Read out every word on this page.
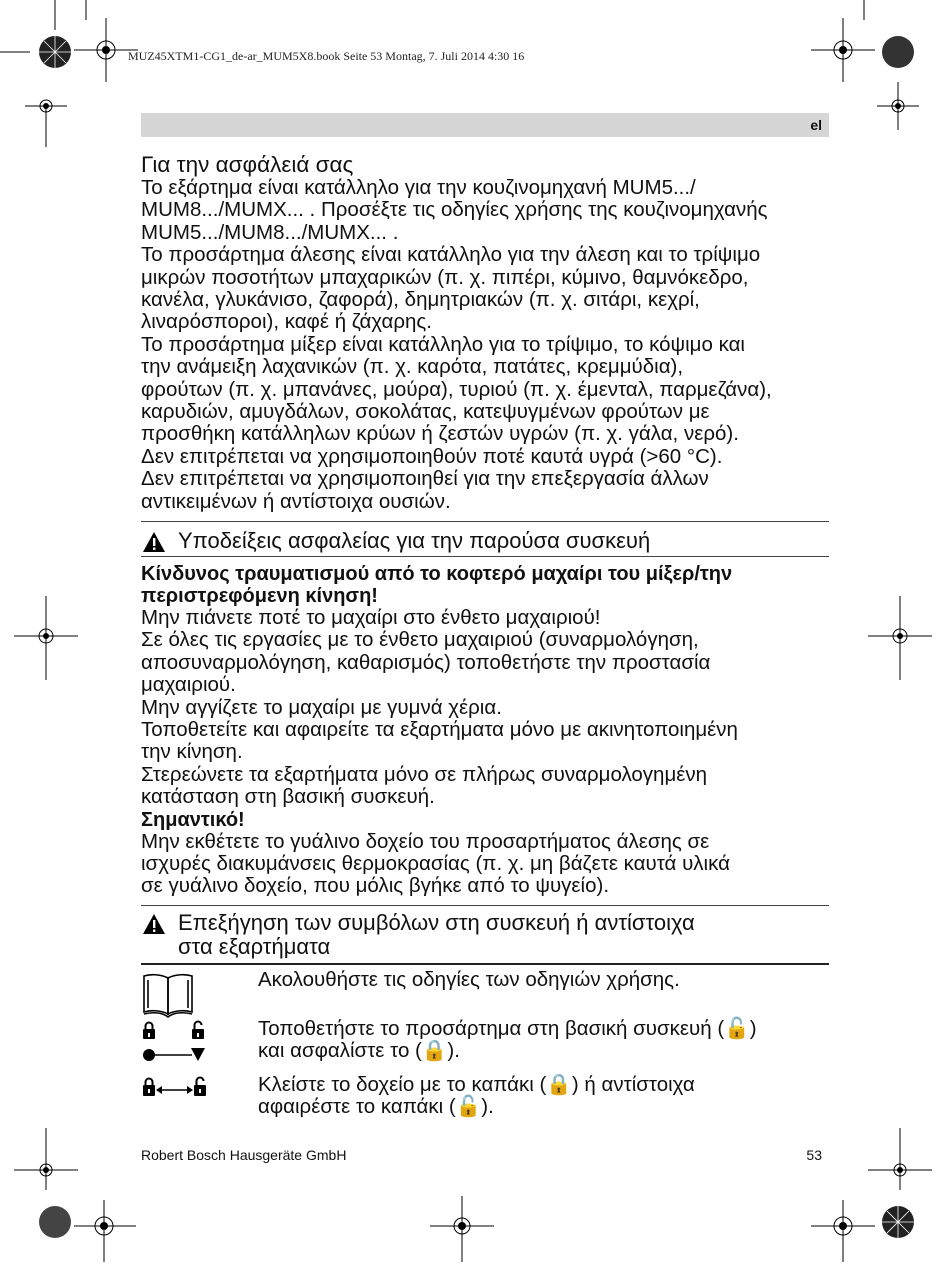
MUZ45XTM1-CG1_de-ar_MUM5X8.book Seite 53 Montag, 7. Juli 2014 4:30 16
el
Για την ασφάλειά σας
Το εξάρτημα είναι κατάλληλο για την κουζινομηχανή MUM5.../
MUM8.../MUMX... . Προσέξτε τις οδηγίες χρήσης της κουζινομηχανής
MUM5.../MUM8.../MUMX... .
Το προσάρτημα άλεσης είναι κατάλληλο για την άλεση και το τρίψιμο
μικρών ποσοτήτων μπαχαρικών (π. χ. πιπέρι, κύμινο, θαμνόκεδρο,
κανέλα, γλυκάνισο, ζαφορά), δημητριακών (π. χ. σιτάρι, κεχρί,
λιναρόσποροι), καφέ ή ζάχαρης.
Το προσάρτημα μίξερ είναι κατάλληλο για το τρίψιμο, το κόψιμο και
την ανάμειξη λαχανικών (π. χ. καρότα, πατάτες, κρεμμύδια),
φρούτων (π. χ. μπανάνες, μούρα), τυριού (π. χ. έμενταλ, παρμεζάνα),
καρυδιών, αμυγδάλων, σοκολάτας, κατεψυγμένων φρούτων με
προσθήκη κατάλληλων κρύων ή ζεστών υγρών (π. χ. γάλα, νερό).
Δεν επιτρέπεται να χρησιμοποιηθούν ποτέ καυτά υγρά (>60 °C).
Δεν επιτρέπεται να χρησιμοποιηθεί για την επεξεργασία άλλων
αντικειμένων ή αντίστοιχα ουσιών.
Υποδείξεις ασφαλείας για την παρούσα συσκευή
Κίνδυνος τραυματισμού από το κοφτερό μαχαίρι του μίξερ/την
περιστρεφόμενη κίνηση!
Μην πιάνετε ποτέ το μαχαίρι στο ένθετο μαχαιριού!
Σε όλες τις εργασίες με το ένθετο μαχαιριού (συναρμολόγηση,
αποσυναρμολόγηση, καθαρισμός) τοποθετήστε την προστασία
μαχαιριού.
Μην αγγίζετε το μαχαίρι με γυμνά χέρια.
Τοποθετείτε και αφαιρείτε τα εξαρτήματα μόνο με ακινητοποιημένη
την κίνηση.
Στερεώνετε τα εξαρτήματα μόνο σε πλήρως συναρμολογημένη
κατάσταση στη βασική συσκευή.
Σημαντικό!
Μην εκθέτετε το γυάλινο δοχείο του προσαρτήματος άλεσης σε
ισχυρές διακυμάνσεις θερμοκρασίας (π. χ. μη βάζετε καυτά υλικά
σε γυάλινο δοχείο, που μόλις βγήκε από το ψυγείο).
Επεξήγηση των συμβόλων στη συσκευή ή αντίστοιχα
στα εξαρτήματα
Ακολουθήστε τις οδηγίες των οδηγιών χρήσης.
Τοποθετήστε το προσάρτημα στη βασική συσκευή (🔓)
και ασφαλίστε το (🔒).
Κλείστε το δοχείο με το καπάκι (🔒) ή αντίστοιχα
αφαιρέστε το καπάκι (🔓).
Robert Bosch Hausgeräte GmbH	53
